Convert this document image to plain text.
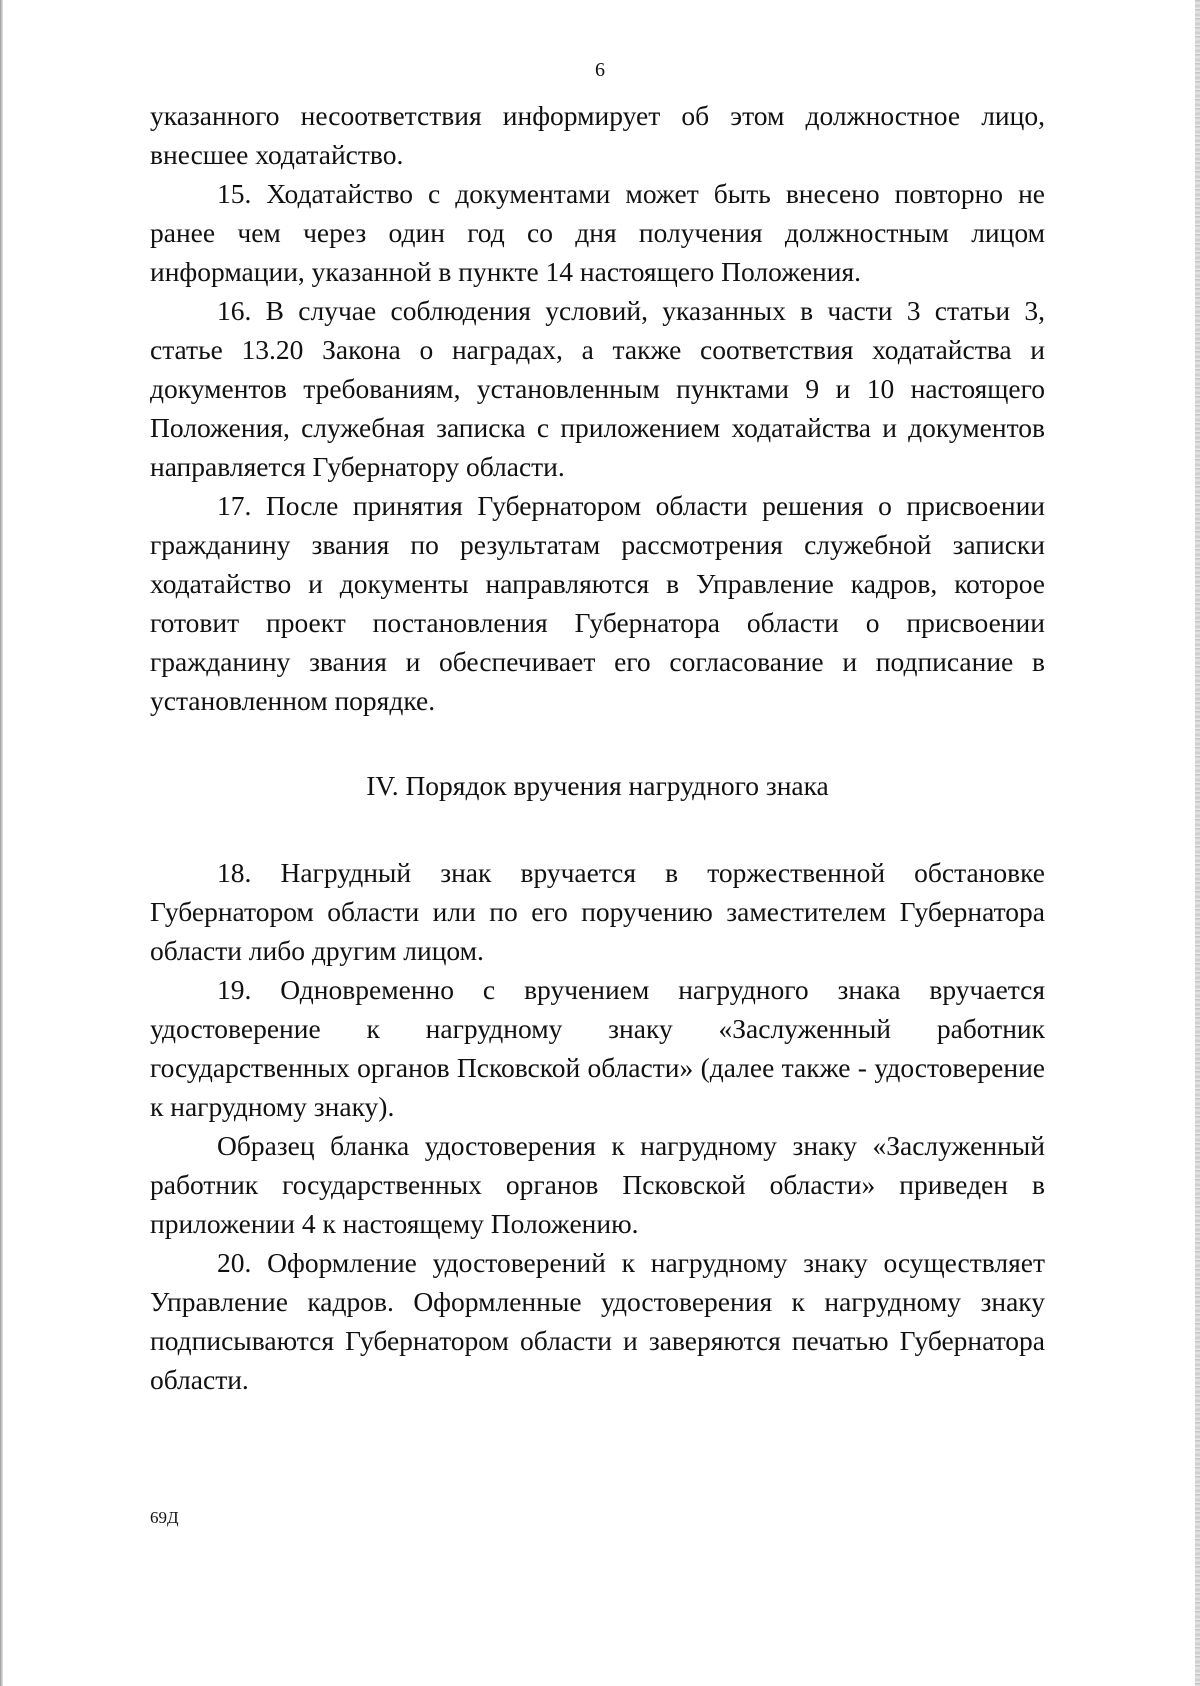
6

указанного несоответствия информирует об этом должностное лицо, внесшее ходатайство.

15. Ходатайство с документами может быть внесено повторно не ранее чем через один год со дня получения должностным лицом информации, указанной в пункте 14 настоящего Положения.

16. В случае соблюдения условий, указанных в части 3 статьи 3, статье 13.20 Закона о наградах, а также соответствия ходатайства и документов требованиям, установленным пунктами 9 и 10 настоящего Положения, служебная записка с приложением ходатайства и документов направляется Губернатору области.

17. После принятия Губернатором области решения о присвоении гражданину звания по результатам рассмотрения служебной записки ходатайство и документы направляются в Управление кадров, которое готовит проект постановления Губернатора области о присвоении гражданину звания и обеспечивает его согласование и подписание в установленном порядке.

IV. Порядок вручения нагрудного знака

18. Нагрудный знак вручается в торжественной обстановке Губернатором области или по его поручению заместителем Губернатора области либо другим лицом.

19. Одновременно с вручением нагрудного знака вручается удостоверение к нагрудному знаку «Заслуженный работник государственных органов Псковской области» (далее также - удостоверение к нагрудному знаку).

Образец бланка удостоверения к нагрудному знаку «Заслуженный работник государственных органов Псковской области» приведен в приложении 4 к настоящему Положению.

20. Оформление удостоверений к нагрудному знаку осуществляет Управление кадров. Оформленные удостоверения к нагрудному знаку подписываются Губернатором области и заверяются печатью Губернатора области.

69Д
